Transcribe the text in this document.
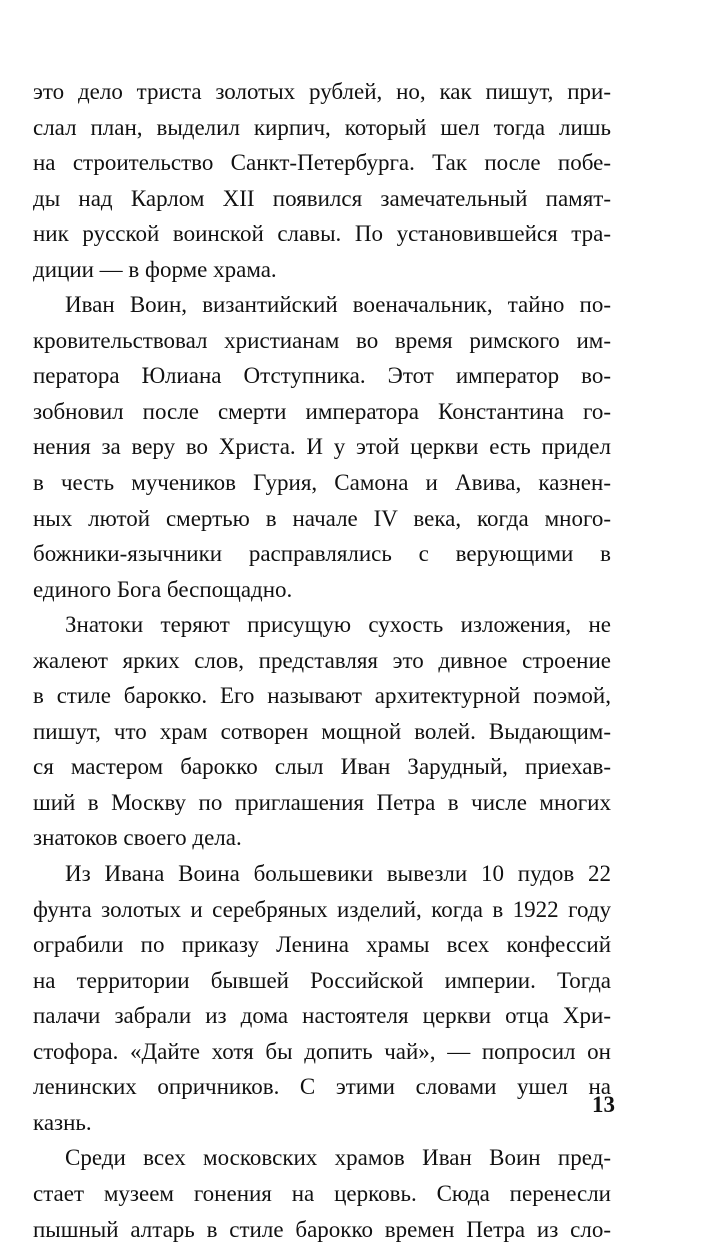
это дело триста золотых рублей, но, как пишут, при-
слал план, выделил кирпич, который шел тогда лишь
на строительство Санкт-Петербурга. Так после побе-
ды над Карлом XII появился замечательный памят-
ник русской воинской славы. По установившейся тра-
диции — в форме храма.
Иван Воин, византийский военачальник, тайно по-
кровительствовал христианам во время римского им-
ператора Юлиана Отступника. Этот император во-
зобновил после смерти императора Константина го-
нения за веру во Христа. И у этой церкви есть придел
в честь мучеников Гурия, Самона и Авива, казнен-
ных лютой смертью в начале IV века, когда много-
божники-язычники расправлялись с верующими в
единого Бога беспощадно.
Знатоки теряют присущую сухость изложения, не
жалеют ярких слов, представляя это дивное строение
в стиле барокко. Его называют архитектурной поэмой,
пишут, что храм сотворен мощной волей. Выдающим-
ся мастером барокко слыл Иван Зарудный, приехав-
ший в Москву по приглашения Петра в числе многих
знатоков своего дела.
Из Ивана Воина большевики вывезли 10 пудов 22
фунта золотых и серебряных изделий, когда в 1922 году
ограбили по приказу Ленина храмы всех конфессий
на территории бывшей Российской империи. Тогда
палачи забрали из дома настоятеля церкви отца Хри-
стофора. «Дайте хотя бы допить чай», — попросил он
ленинских опричников. С этими словами ушел на
казнь.
Среди всех московских храмов Иван Воин пред-
стает музеем гонения на церковь. Сюда перенесли
пышный алтарь в стиле барокко времен Петра из сло-
13
